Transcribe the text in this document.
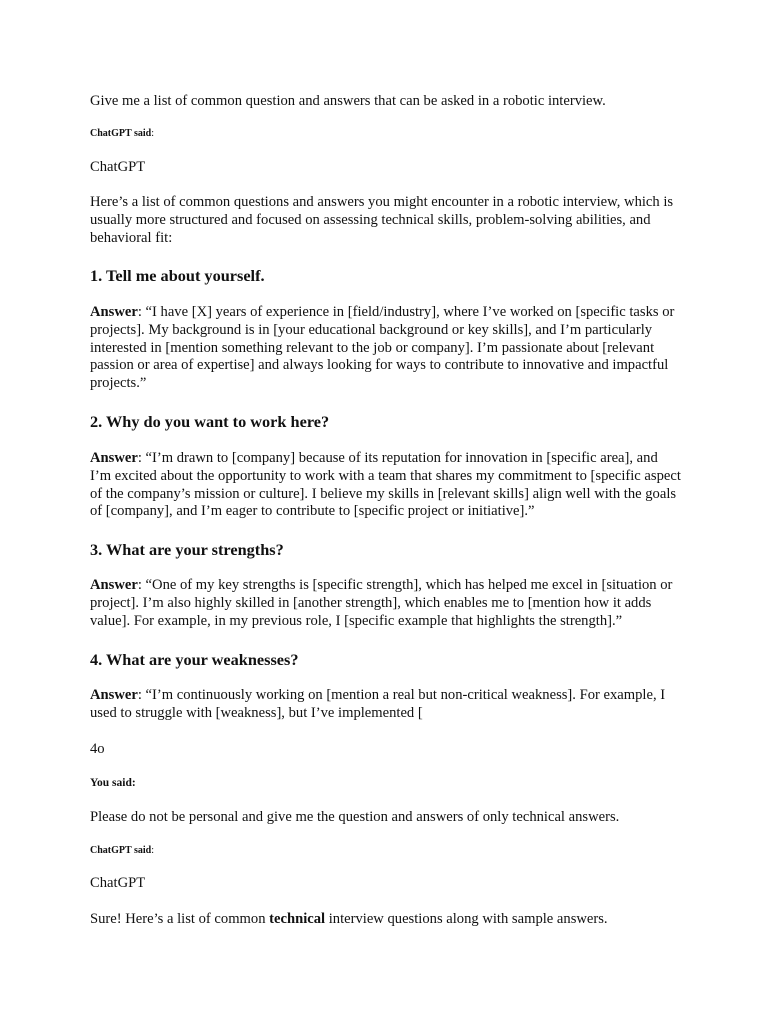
Give me a list of common question and answers that can be asked in a robotic interview.

ChatGPT said:

ChatGPT

Here’s a list of common questions and answers you might encounter in a robotic interview, which is usually more structured and focused on assessing technical skills, problem-solving abilities, and behavioral fit:

1. Tell me about yourself.

Answer: “I have [X] years of experience in [field/industry], where I’ve worked on [specific tasks or projects]. My background is in [your educational background or key skills], and I’m particularly interested in [mention something relevant to the job or company]. I’m passionate about [relevant passion or area of expertise] and always looking for ways to contribute to innovative and impactful projects.”

2. Why do you want to work here?

Answer: “I’m drawn to [company] because of its reputation for innovation in [specific area], and I’m excited about the opportunity to work with a team that shares my commitment to [specific aspect of the company’s mission or culture]. I believe my skills in [relevant skills] align well with the goals of [company], and I’m eager to contribute to [specific project or initiative].”

3. What are your strengths?

Answer: “One of my key strengths is [specific strength], which has helped me excel in [situation or project]. I’m also highly skilled in [another strength], which enables me to [mention how it adds value]. For example, in my previous role, I [specific example that highlights the strength].”

4. What are your weaknesses?

Answer: “I’m continuously working on [mention a real but non-critical weakness]. For example, I used to struggle with [weakness], but I’ve implemented [

4o

You said:

Please do not be personal and give me the question and answers of only technical answers.

ChatGPT said:

ChatGPT

Sure! Here’s a list of common technical interview questions along with sample answers.
